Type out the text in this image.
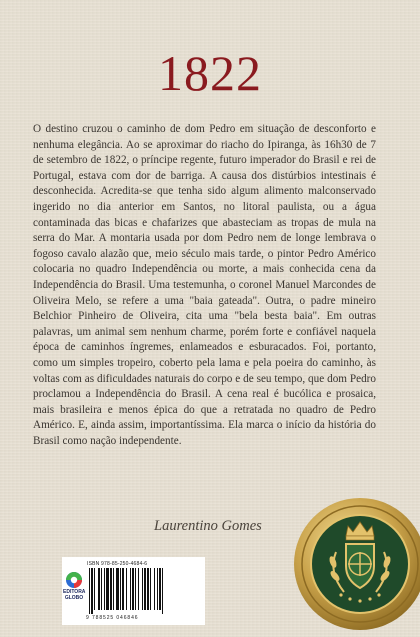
1822

O destino cruzou o caminho de dom Pedro em situação de desconforto e nenhuma elegância. Ao se aproximar do riacho do Ipiranga, às 16h30 de 7 de setembro de 1822, o príncipe regente, futuro imperador do Brasil e rei de Portugal, estava com dor de barriga. A causa dos distúrbios intestinais é desconhecida. Acredita-se que tenha sido algum alimento malconservado ingerido no dia anterior em Santos, no litoral paulista, ou a água contaminada das bicas e chafarizes que abasteciam as tropas de mula na serra do Mar. A montaria usada por dom Pedro nem de longe lembrava o fogoso cavalo alazão que, meio século mais tarde, o pintor Pedro Américo colocaria no quadro Independência ou morte, a mais conhecida cena da Independência do Brasil. Uma testemunha, o coronel Manuel Marcondes de Oliveira Melo, se refere a uma "baia gateada". Outra, o padre mineiro Belchior Pinheiro de Oliveira, cita uma "bela besta baia". Em outras palavras, um animal sem nenhum charme, porém forte e confiável naquela época de caminhos íngremes, enlameados e esburacados. Foi, portanto, como um simples tropeiro, coberto pela lama e pela poeira do caminho, às voltas com as dificuldades naturais do corpo e de seu tempo, que dom Pedro proclamou a Independência do Brasil. A cena real é bucólica e prosaica, mais brasileira e menos épica do que a retratada no quadro de Pedro Américo. E, ainda assim, importantíssima. Ela marca o início da história do Brasil como nação independente.

Laurentino Gomes
EDITORA
GLOBO
ISBN 978-85-250-4684-6
9 788525 046846
